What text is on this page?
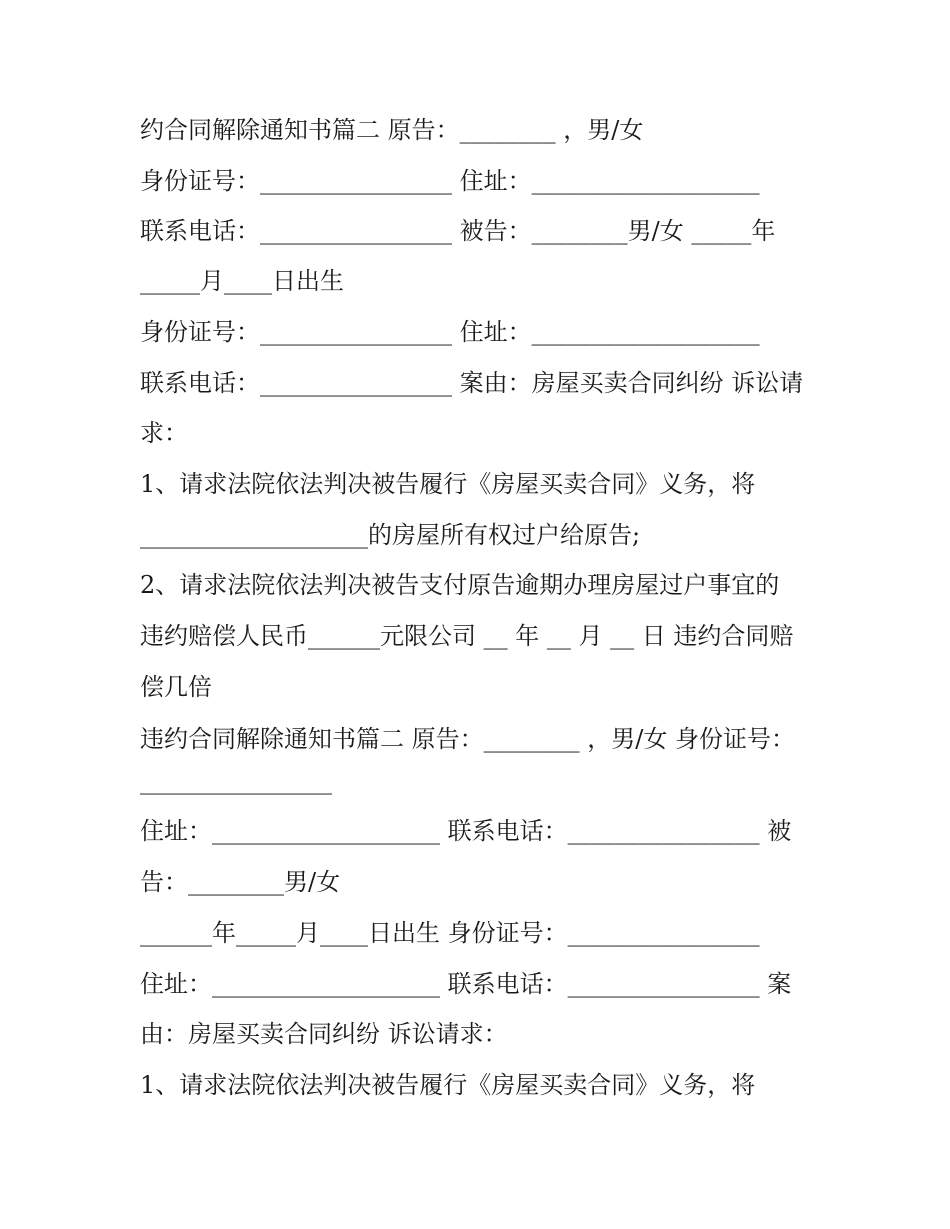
约合同解除通知书篇二 原告：________ ，男/女
身份证号：________________ 住址：___________________
联系电话：________________ 被告：________男/女 _____年
_____月____日出生
身份证号：________________ 住址：___________________
联系电话：________________ 案由：房屋买卖合同纠纷 诉讼请
求：
1、请求法院依法判决被告履行《房屋买卖合同》义务，将
___________________的房屋所有权过户给原告;
2、请求法院依法判决被告支付原告逾期办理房屋过户事宜的
违约赔偿人民币______元限公司 __ 年 __ 月 __ 日 违约合同赔
偿几倍
违约合同解除通知书篇二 原告：________ ，男/女 身份证号：
________________
住址：___________________ 联系电话：________________ 被
告：________男/女
______年_____月____日出生 身份证号：________________
住址：___________________ 联系电话：________________ 案
由：房屋买卖合同纠纷 诉讼请求：
1、请求法院依法判决被告履行《房屋买卖合同》义务，将
